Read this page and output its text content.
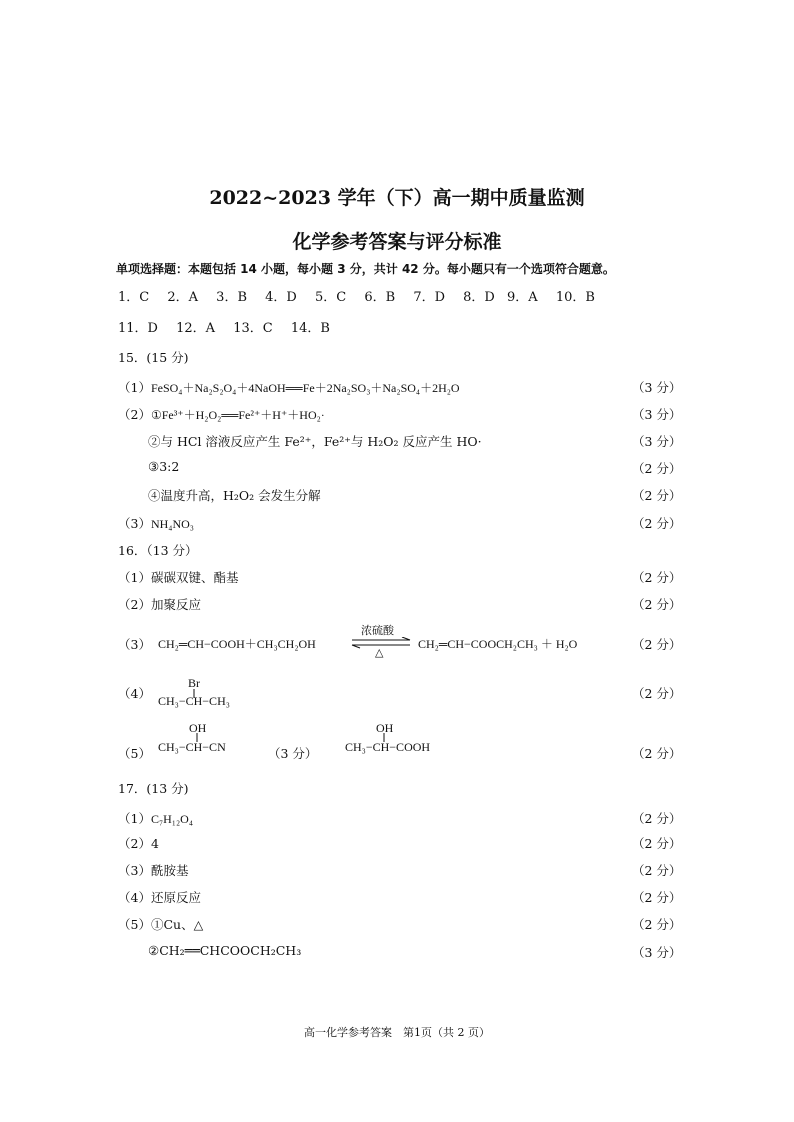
2022~2023 学年（下）高一期中质量监测
化学参考答案与评分标准
单项选择题：本题包括 14 小题，每小题 3 分，共计 42 分。每小题只有一个选项符合题意。
1．C 2．A 3．B 4．D 5．C 6．B 7．D 8．D 9．A 10．B
11．D 12．A 13．C 14．B
15．(15 分)
（1）FeSO₄＋Na₂S₂O₄＋4NaOH══Fe＋2Na₂SO₃＋Na₂SO₄＋2H₂O	（3 分）
（2）①Fe³⁺＋H₂O₂══Fe²⁺＋H⁺＋HO₂·	（3 分）
②与 HCl 溶液反应产生 Fe²⁺，Fe²⁺与 H₂O₂ 反应产生 HO·	（3 分）
③3:2	（2 分）
④温度升高，H₂O₂ 会发生分解	（2 分）
（3）NH₄NO₃	（2 分）
16．（13 分）
（1）碳碳双键、酯基	（2 分）
（2）加聚反应	（2 分）
（3） CH₂═CH−COOH＋CH₃CH₂OH
浓硫酸
△
CH₂═CH−COOCH₂CH₃ ＋ H₂O	（2 分）
（4）
Br
CH₃−CH−CH₃	（2 分）
（5）
OH
CH₃−CH−CN	（3 分）
OH
CH₃−CH−COOH	（2 分）
17．(13 分)
（1）C₇H₁₂O₄	（2 分）
（2）4	（2 分）
（3）酰胺基	（2 分）
（4）还原反应	（2 分）
（5）①Cu、△	（2 分）
②CH₂══CHCOOCH₂CH₃	（3 分）
高一化学参考答案　第1页（共 2 页）
